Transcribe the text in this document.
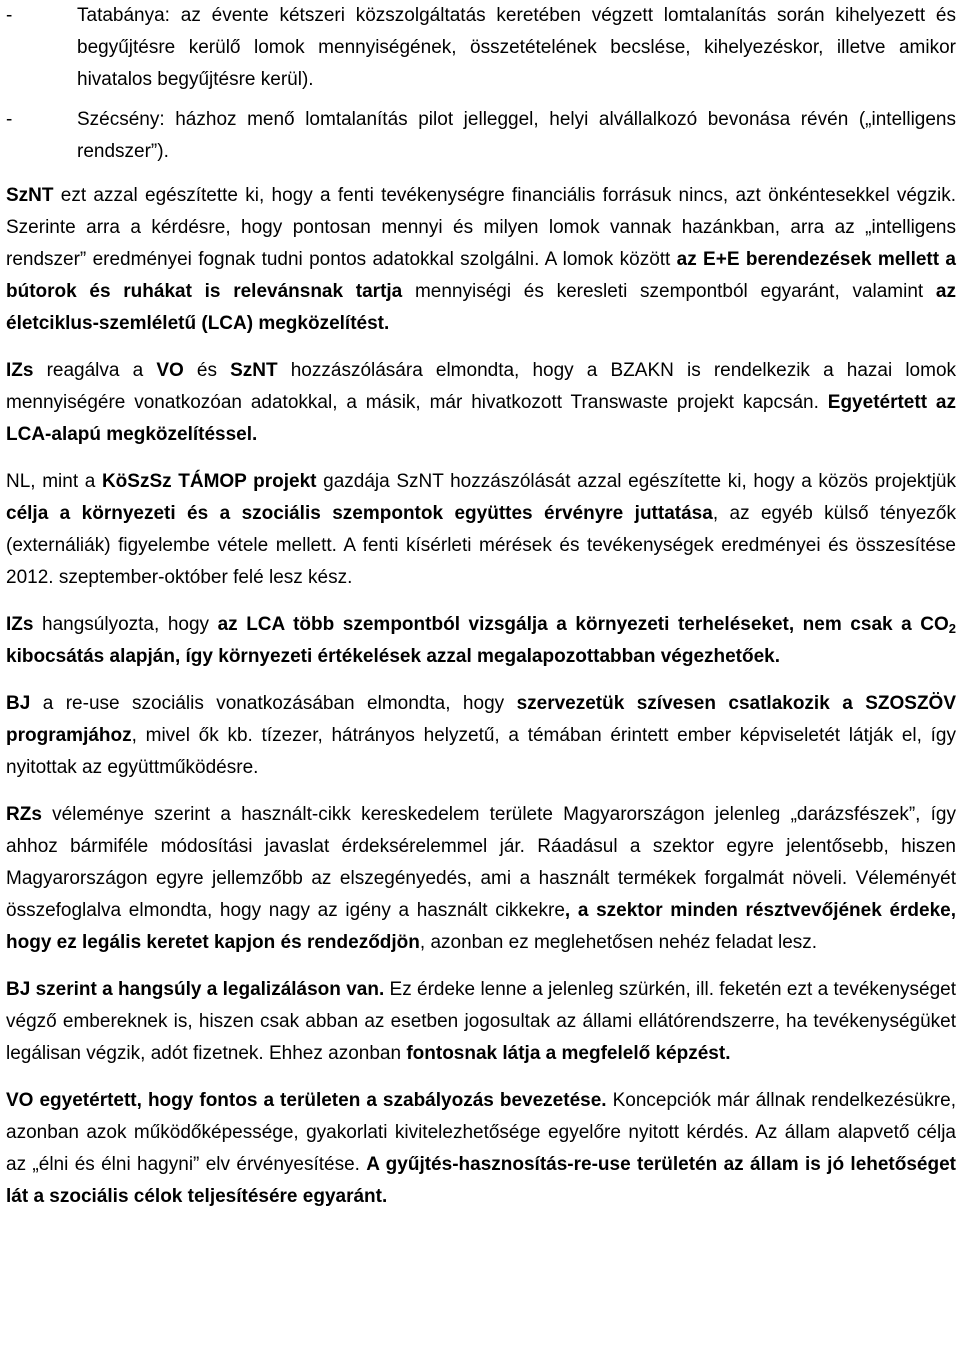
-	Tatabánya: az évente kétszeri közszolgáltatás keretében végzett lomtalanítás során kihelyezett és begyűjtésre kerülő lomok mennyiségének, összetételének becslése, kihelyezéskor, illetve amikor hivatalos begyűjtésre kerül).
-	Szécsény: házhoz menő lomtalanítás pilot jelleggel, helyi alvállalkozó bevonása révén („intelligens rendszer”).

SzNT ezt azzal egészítette ki, hogy a fenti tevékenységre financiális forrásuk nincs, azt önkéntesekkel végzik. Szerinte arra a kérdésre, hogy pontosan mennyi és milyen lomok vannak hazánkban, arra az „intelligens rendszer” eredményei fognak tudni pontos adatokkal szolgálni. A lomok között az E+E berendezések mellett a bútorok és ruhákat is relevánsnak tartja mennyiségi és keresleti szempontból egyaránt, valamint az életciklus-szemléletű (LCA) megközelítést.

IZs reagálva a VO és SzNT hozzászólására elmondta, hogy a BZAKN is rendelkezik a hazai lomok mennyiségére vonatkozóan adatokkal, a másik, már hivatkozott Transwaste projekt kapcsán. Egyetértett az LCA-alapú megközelítéssel.

NL, mint a KöSzSz TÁMOP projekt gazdája SzNT hozzászólását azzal egészítette ki, hogy a közös projektjük célja a környezeti és a szociális szempontok együttes érvényre juttatása, az egyéb külső tényezők (externáliák) figyelembe vétele mellett. A fenti kísérleti mérések és tevékenységek eredményei és összesítése 2012. szeptember-október felé lesz kész.

IZs hangsúlyozta, hogy az LCA több szempontból vizsgálja a környezeti terheléseket, nem csak a $CO_2$ kibocsátás alapján, így környezeti értékelések azzal megalapozottabban végezhetőek.

BJ a re-use szociális vonatkozásában elmondta, hogy szervezetük szívesen csatlakozik a SZOSZÖV programjához, mivel ők kb. tízezer, hátrányos helyzetű, a témában érintett ember képviseletét látják el, így nyitottak az együttműködésre.

RZs véleménye szerint a használt-cikk kereskedelem területe Magyarországon jelenleg „darázsfészek”, így ahhoz bármiféle módosítási javaslat érdeksérelemmel jár. Ráadásul a szektor egyre jelentősebb, hiszen Magyarországon egyre jellemzőbb az elszegényedés, ami a használt termékek forgalmát növeli. Véleményét összefoglalva elmondta, hogy nagy az igény a használt cikkekre, a szektor minden résztvevőjének érdeke, hogy ez legális keretet kapjon és rendeződjön, azonban ez meglehetősen nehéz feladat lesz.

BJ szerint a hangsúly a legalizáláson van. Ez érdeke lenne a jelenleg szürkén, ill. feketén ezt a tevékenységet végző embereknek is, hiszen csak abban az esetben jogosultak az állami ellátórendszerre, ha tevékenységüket legálisan végzik, adót fizetnek. Ehhez azonban fontosnak látja a megfelelő képzést.

VO egyetértett, hogy fontos a területen a szabályozás bevezetése. Koncepciók már állnak rendelkezésükre, azonban azok működőképessége, gyakorlati kivitelezhetősége egyelőre nyitott kérdés. Az állam alapvető célja az „élni és élni hagyni” elv érvényesítése. A gyűjtés-hasznosítás-re-use területén az állam is jó lehetőséget lát a szociális célok teljesítésére egyaránt.
